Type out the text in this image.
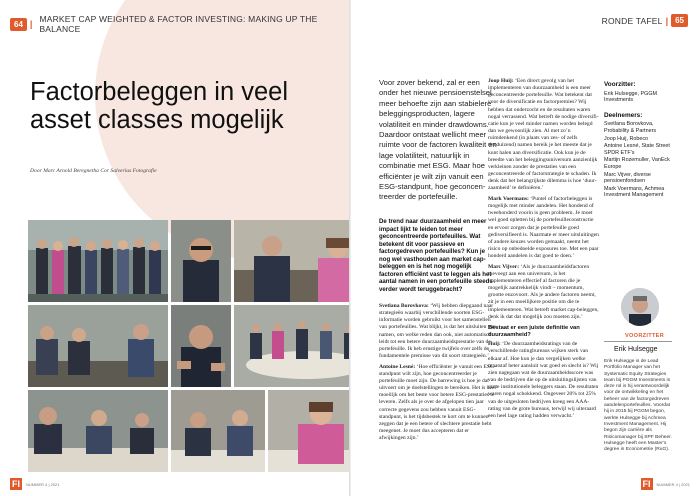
64 | MARKET CAP WEIGHTED & FACTOR INVESTING: MAKING UP THE BALANCE
Factorbeleggen in veel asset classes mogelijk
Door Marc Arnold Beregnetha Cor Salverius Fotografie
FI	NUMMER 4 | 2021
RONDE TAFEL | 65
FI	NUMMER 4 | 2021

Voor zover bekend, zal er een onder het nieuwe pensioenstelsel meer behoefte zijn aan stabielere beleggingsproducten, lagere volatiliteit en minder drawdowns. Daardoor ontstaat wellicht meer ruimte voor de factoren kwaliteit en lage volatiliteit, natuurlijk in combinatie met ESG. Maar hoe efficiënter je wilt zijn vanuit een ESG-standpunt, hoe geconcentreerder de portefeuille.

De trend naar duurzaamheid en meer impact lijkt te leiden tot meer geconcentreerde portefeuilles. Wat betekent dit voor passieve en factorgedreven portefeuilles? Kun je nog wel vasthouden aan market cap-beleggen en is het nog mogelijk factoren efficiënt vast te leggen als het aantal namen in een portefeuille steeds verder wordt teruggebracht?

Svetlana Borovkova: ‘Wij hebben diepgaand naar strategieën waarbij verschillende soorten ESG-informatie worden gebruikt voor het samenstellen van portefeuilles. Wat blijkt, is dat het uitsluiten van namen, om welke reden dan ook, niet automatisch leidt tot een betere duurzaamheidsprestatie van de portefeuille. Ik heb ernstige twijfels over zelfs de fundamentele premisse van dit soort strategieën.’

Antoine Lesné: ‘Hoe efficiënter je vanuit een ESG-standpunt wilt zijn, hoe geconcentreerder je portefeuille moet zijn. De barrewing is hoe je dat uitvoert om je doelstellingen te bereiken. Het is heel moeilijk om het beste voor betere ESG-prestaties te leveren. Zelfs als je over de afgelopen tien jaar correcte gegevens zou hebben vanuit ESG-standpunt, is het tijdsbestek te kort om te kunnen zeggen dat je een betere of slechtere prestatie hebt meegenet. Je moet dus accepteren dat er afwijkingen zijn.’

Joop Huij: ‘Een direct gevolg van het implementeren van duurzaamheid is een meer geconcentreerde portefeuille. Wat betekent dat voor de diversificatie en factorpremies? Wij hebben dat onderzocht en de resultaten waren nogal verrassend. Wat betreft de nodige diversificatie kun je veel minder namen worden belegd dan we gewoonlijk zien. Al met zo’n ruimdenkend (in plaats van zes- of zelfs tienduizend) namen bereik je het meeste dat je kunt halen aan diversificatie. Ook kun je de breedte van het beleggingsuniversum aanzienlijk verkleinen zonder de prestaties van een geconcentreerde of factorstrategie te schaden. Ik denk dat het belangrijkste dilemma is hoe ‘duurzaamheid’ te definiëren.’

Mark Voermans: ‘Puntel of factorbeleggen is mogelijk met minder aandelen. Het hondend of tweehonderd voorin is geen probleem. Je moet wel goed opletten bij de portefeuilleconstructie en ervoor zorgen dat je portefeuille goed gediversifieerd is. Naarmate er meer uitsluitingen of andere keuzes worden gemaakt, neemt het risico op onbedoelde exposures toe. Met een paar honderd aandelen is dat goed te doen.’

Marc Vijver: ‘Als je duurzaamheidsfactoren toevoegt aan een universum, is het implementeren effectief al factoren die je mogelijk aantrekkelijk vindt – momentum, grootte enzovoort. Als je andere factoren neemt, zit je in een moeilijkere positie om die te implementeren. Wat betreft market cap-beleggen, denk ik dat dat mogelijk zou moeten zijn.’

Bestaat er een juiste definitie van duurzaamheid?

Huij: ‘De duurzaamheidsratings van de verschillende ratingbureaus wijken sterk van elkaar af. Hoe kun je dan vergelijken welke maatstaf beter aansluit wat goed en slecht is? Wij zien nagegaan wat de duurzaamheidsscore was van de bedrijven die op de uitsluitingslijsten van grote institutionele beleggers staan. De resultaten waren nogal schokkend. Ongeveer 20% tot 25% van de uitgesloten bedrijven kreeg een AAA-rating van de grote bureaus, terwijl wij uiteraard een heel lage rating hadden verwacht.’

Voorzitter:
Erik Hulsegge, PGGM Investments
Deelnemers:
Svetlana Borovkova, Probability & Partners
Joop Huij, Robeco
Antoine Lesné, State Street SPDR ETF’s
Martijn Rozemuller, VanEck Europe
Marc Vijver, diverse pensioenfondsen
Mark Voermans, Achmea Investment Management
VOORZITTER
Erik Hulsegge
Erik Hulsegge is de Lead Portfolio Manager van het Systematic Equity Strategies team bij PGGM Investments in deze rol is hij verantwoordelijk voor de ontwikkeling en het beheer van de factorgedreven aandelenportefeuilles. Voordat hij in 2015 bij PGGM begon, werkte Hulsegge bij Achmea Investment Management. Hij begon zijn carrière als Risicomanager bij SPF Beheer. Hulsegge heeft een Master’s degree in Econometrie (RuG).
